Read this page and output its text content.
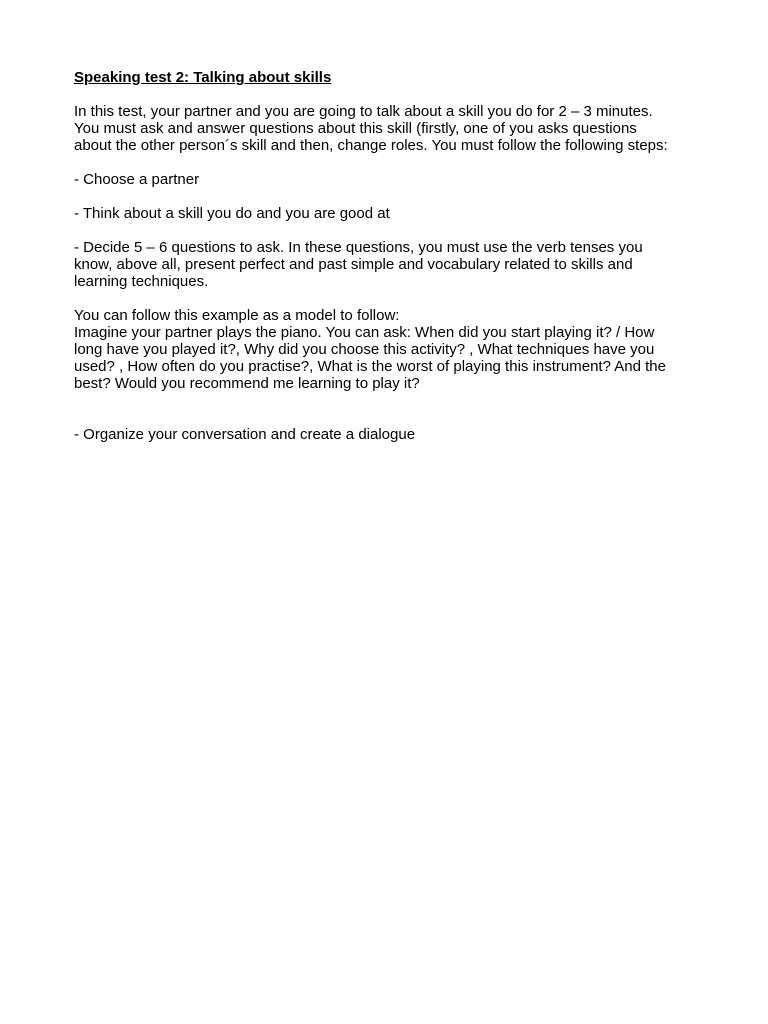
Speaking test 2: Talking about skills

In this test, your partner and you are going to talk about a skill you do for 2 – 3 minutes.
You must ask and answer questions about this skill (firstly, one of you asks questions
about the other person´s skill and then, change roles. You must follow the following steps:

- Choose a partner

- Think about a skill you do and you are good at

- Decide 5 – 6 questions to ask. In these questions, you must use the verb tenses you
know, above all, present perfect and past simple and vocabulary related to skills and
learning techniques.

You can follow this example as a model to follow:

Imagine your partner plays the piano. You can ask: When did you start playing it? / How
long have you played it?, Why did you choose this activity? , What techniques have you
used? , How often do you practise?, What is the worst of playing this instrument? And the
best? Would you recommend me learning to play it?

- Organize your conversation and create a dialogue
